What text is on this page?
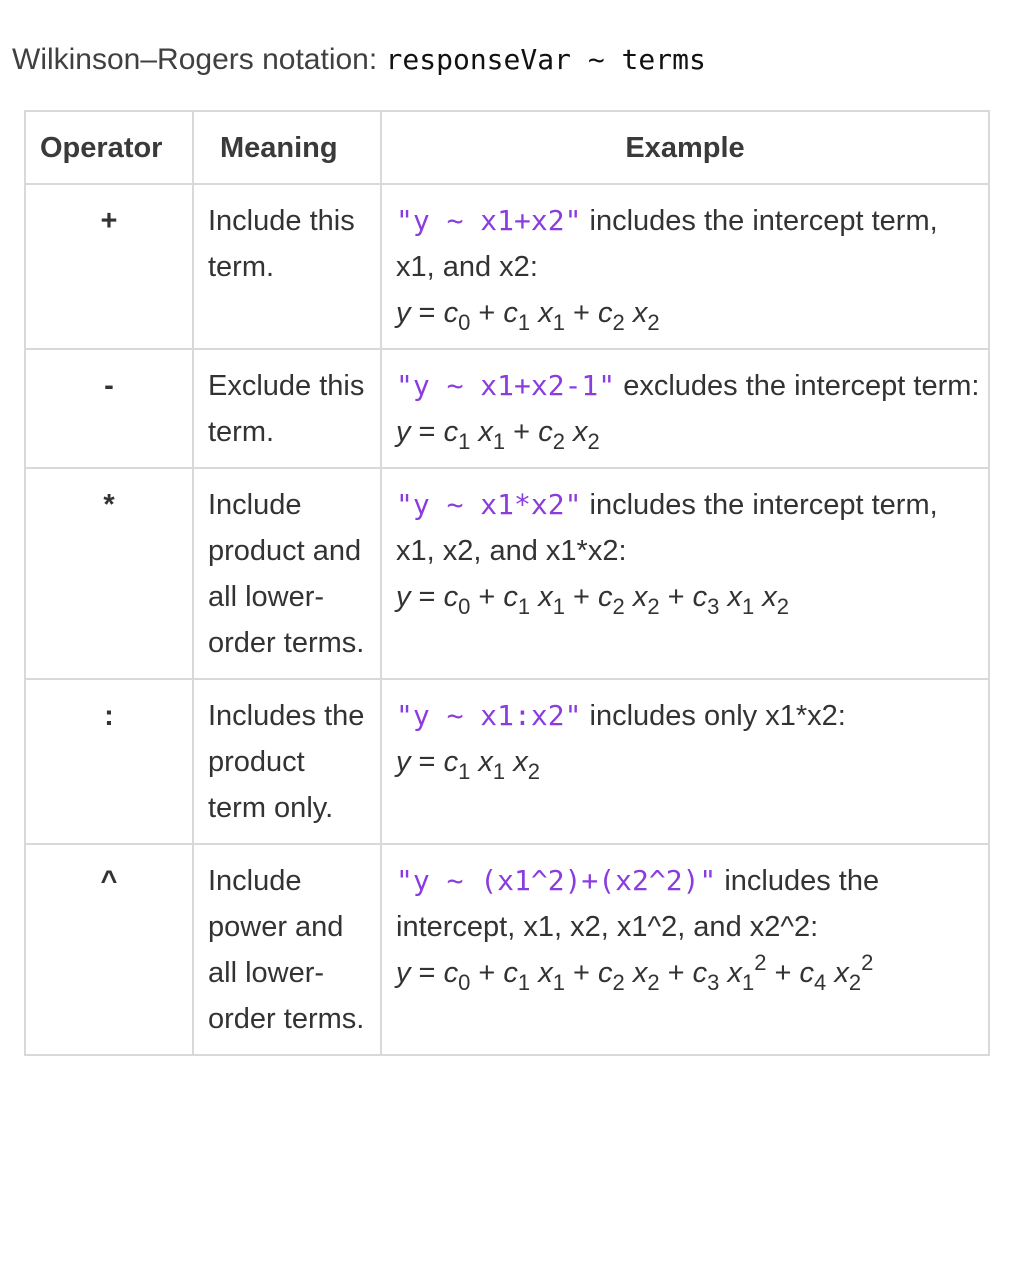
Wilkinson–Rogers notation: responseVar ~ terms

Operator	Meaning	Example
+	Include this term.	"y ~ x1+x2" includes the intercept term, x1, and x2:
$y = c_0 + c_1$ $x_1 + c_2$ $x_2$
-	Exclude this term.	"y ~ x1+x2-1" excludes the intercept term:
$y = c_1$ $x_1 + c_2$ $x_2$
*	Include product and all lower-order terms.	"y ~ x1*x2" includes the intercept term, x1, x2, and x1*x2:
$y = c_0 + c_1$ $x_1 + c_2$ $x_2 + c_3$ $x_1$ $x_2$
:	Includes the product term only.	"y ~ x1:x2" includes only x1*x2:
$y = c_1$ $x_1$ $x_2$
^	Include power and all lower-order terms.	"y ~ (x1^2)+(x2^2)" includes the intercept, x1, x2, x1^2, and x2^2:
$y = c_0 + c_1$ $x_1 + c_2$ $x_2 + c_3$ $x_1^2 + c_4$ $x_2^2$
